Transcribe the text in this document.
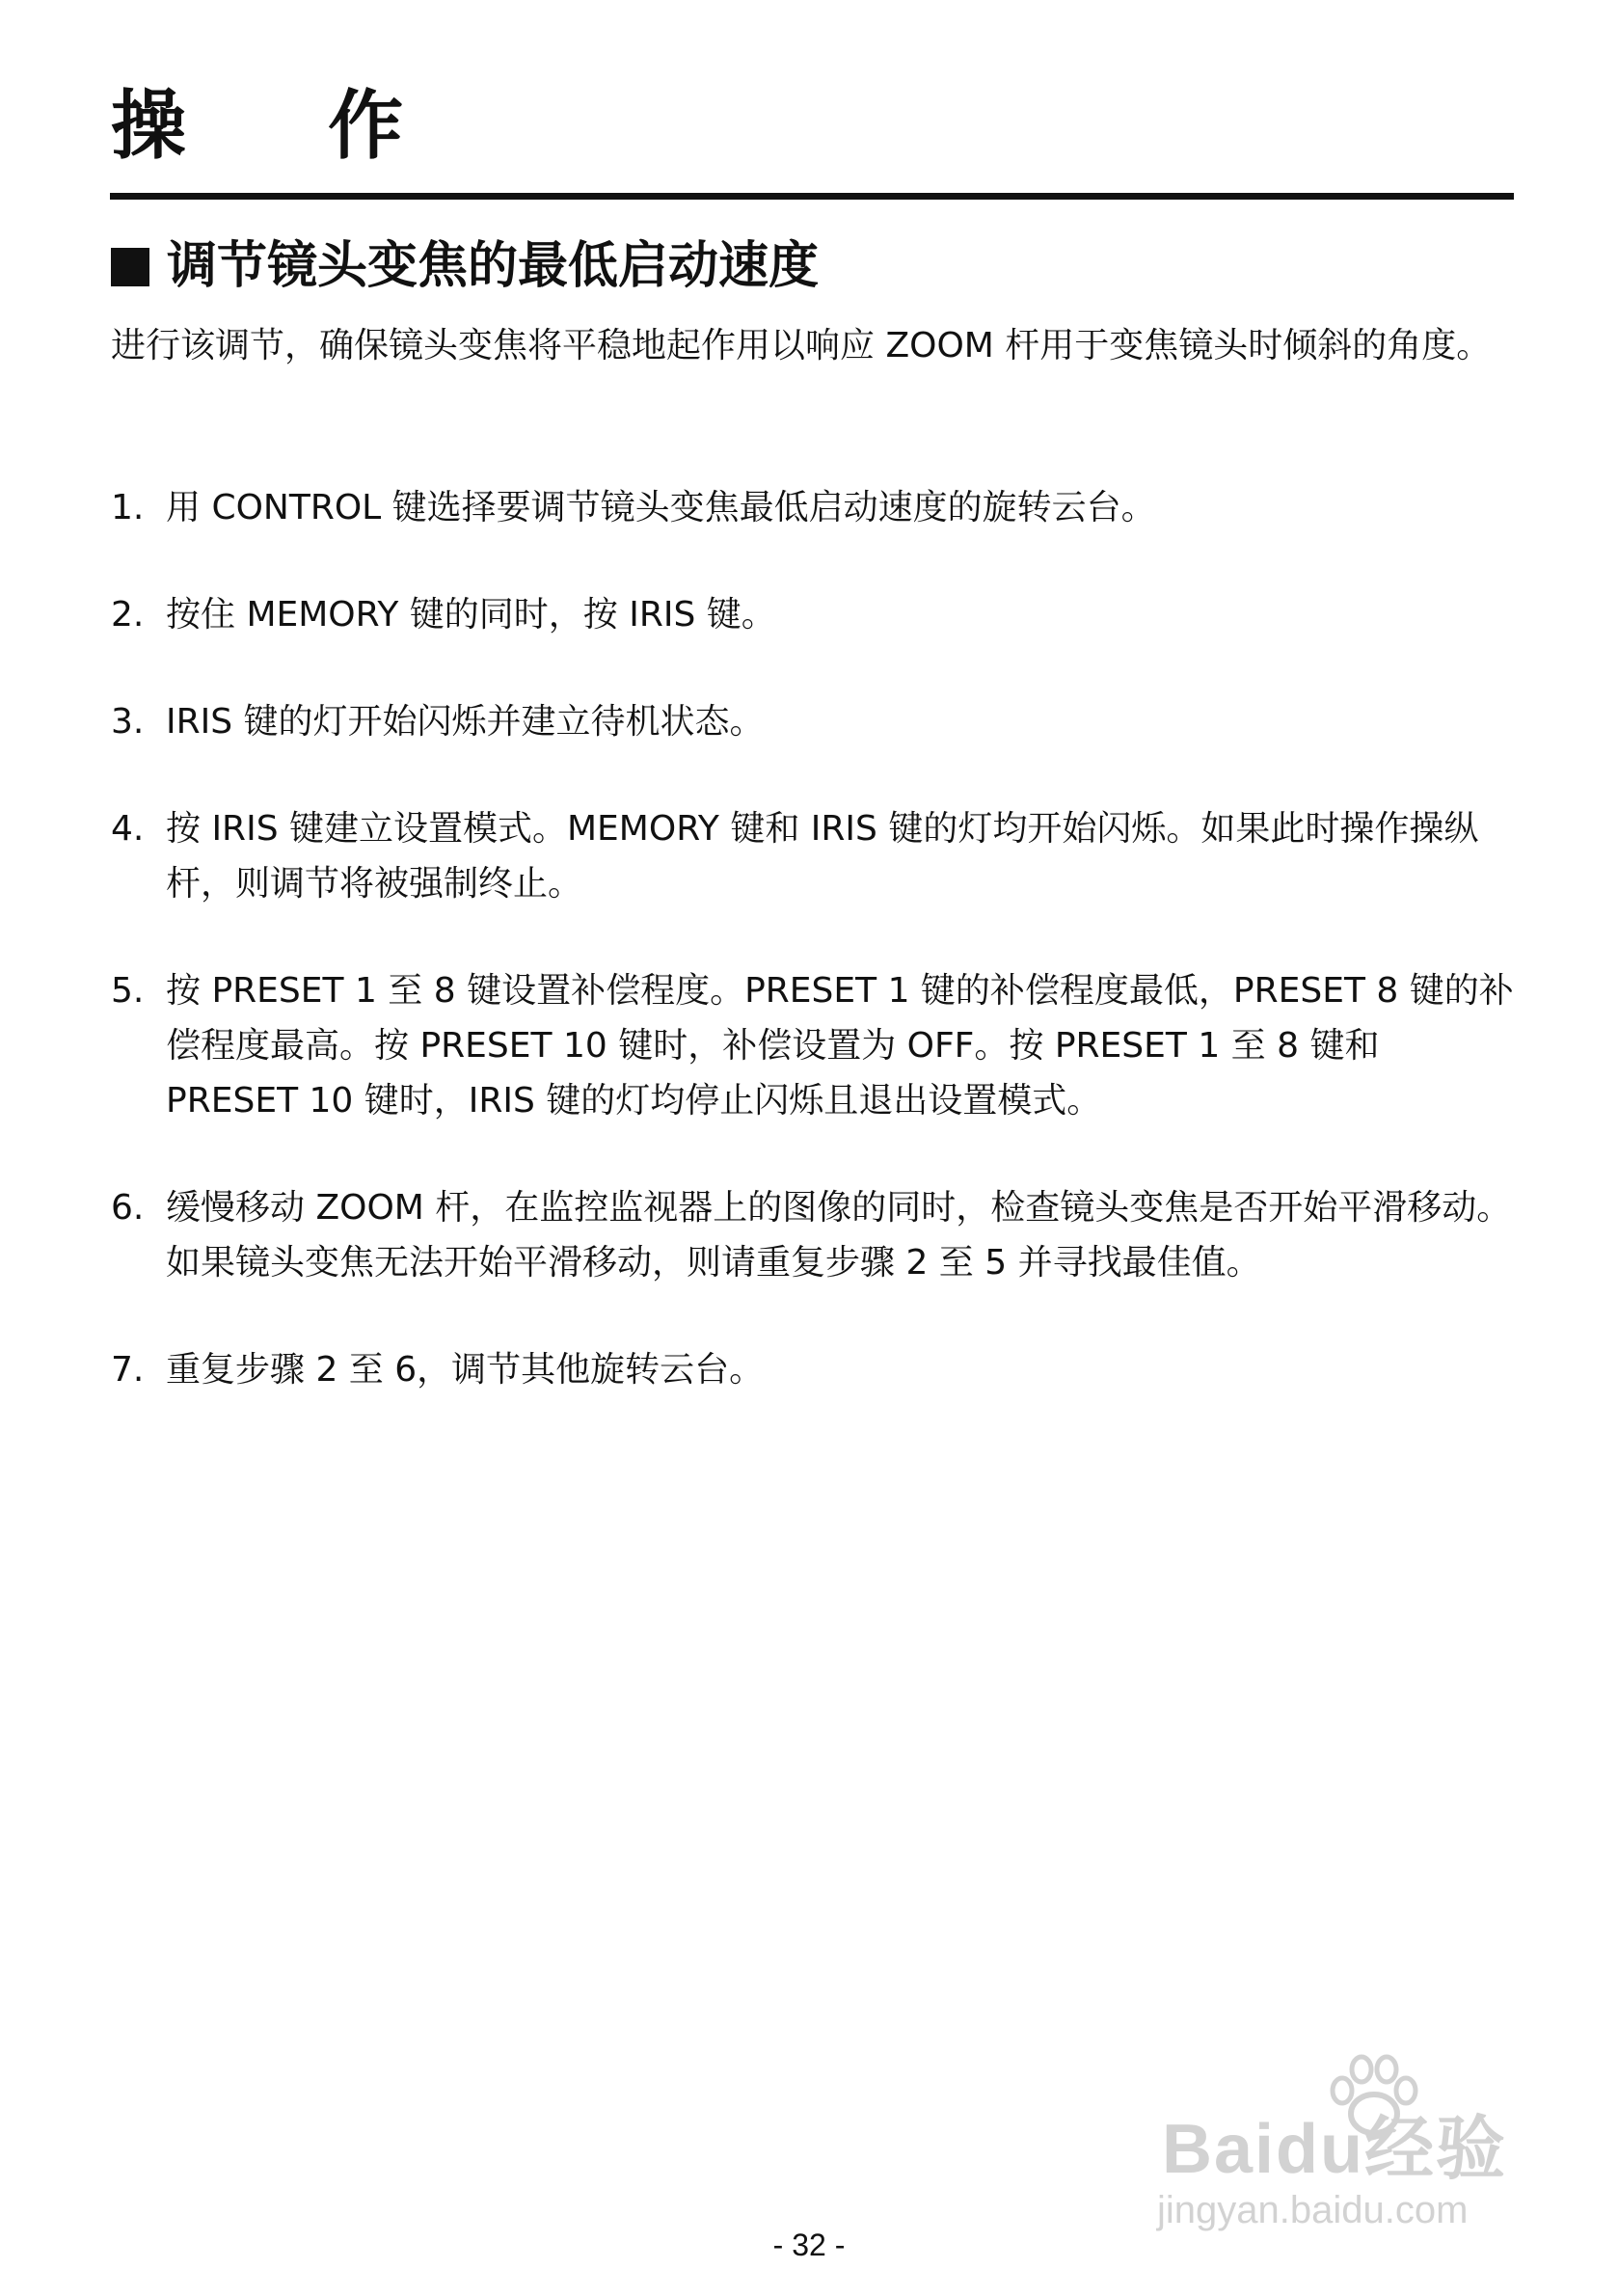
操 作
调节镜头变焦的最低启动速度
进行该调节，确保镜头变焦将平稳地起作用以响应 ZOOM 杆用于变焦镜头时倾斜的角度。
1. 用 CONTROL 键选择要调节镜头变焦最低启动速度的旋转云台。
2. 按住 MEMORY 键的同时，按 IRIS 键。
3. IRIS 键的灯开始闪烁并建立待机状态。
4. 按 IRIS 键建立设置模式。MEMORY 键和 IRIS 键的灯均开始闪烁。如果此时操作操纵杆，则调节将被强制终止。
5. 按 PRESET 1 至 8 键设置补偿程度。PRESET 1 键的补偿程度最低，PRESET 8 键的补偿程度最高。按 PRESET 10 键时，补偿设置为 OFF。按 PRESET 1 至 8 键和 PRESET 10 键时，IRIS 键的灯均停止闪烁且退出设置模式。
6. 缓慢移动 ZOOM 杆，在监控监视器上的图像的同时，检查镜头变焦是否开始平滑移动。
如果镜头变焦无法开始平滑移动，则请重复步骤 2 至 5 并寻找最佳值。
7. 重复步骤 2 至 6，调节其他旋转云台。
Baidu经验
jingyan.baidu.com
- 32 -
